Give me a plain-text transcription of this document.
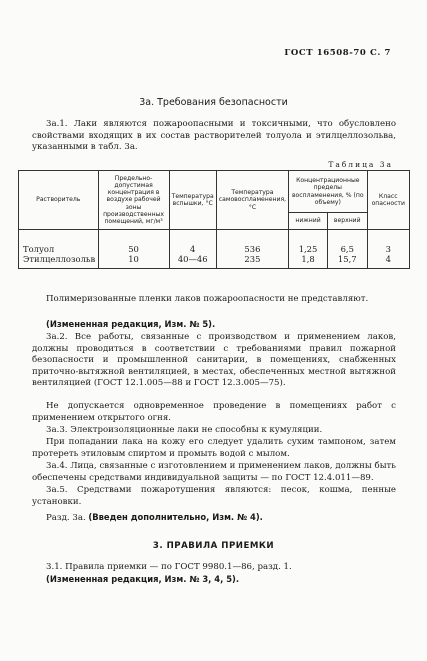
ГОСТ 16508-70 С. 7
3а. Требования безопасности
3а.1. Лаки являются пожароопасными и токсичными, что обусловлено свойствами входящих в их состав растворителей толуола и этилцеллозольва, указанными в табл. 3а.
Таблица 3а
Растворитель	Предельно-допустимая концентрация в воздухе рабочей зоны производственных помещений, мг/м³	Температура вспышки, °С	Температура самовоспламенения, °С	Концентрационные пределы воспламенения, % (по объему)		Класс опасности
				нижний	верхний	

Толуол	50	4	536	1,25	6,5	3
Этилцеллозольв	10	40—46	235	1,8	15,7	4
Полимеризованные пленки лаков пожароопасности не представляют.
(Измененная редакция, Изм. № 5).
3а.2. Все работы, связанные с производством и применением лаков, должны проводиться в соответствии с требованиями правил пожарной безопасности и промышленной санитарии, в помещениях, снабженных приточно-вытяжной вентиляцией, в местах, обеспеченных местной вытяжной вентиляцией (ГОСТ 12.1.005—88 и ГОСТ 12.3.005—75).
Не допускается одновременное проведение в помещениях работ с применением открытого огня.
3а.3. Электроизоляционные лаки не способны к кумуляции.
При попадании лака на кожу его следует удалить сухим тампоном, затем протереть этиловым спиртом и промыть водой с мылом.
3а.4. Лица, связанные с изготовлением и применением лаков, должны быть обеспечены средствами индивидуальной защиты — по ГОСТ 12.4.011—89.
3а.5. Средствами пожаротушения являются: песок, кошма, пенные установки.
Разд. 3а. (Введен дополнительно, Изм. № 4).
3. ПРАВИЛА ПРИЕМКИ
3.1. Правила приемки — по ГОСТ 9980.1—86, разд. 1.
(Измененная редакция, Изм. № 3, 4, 5).
